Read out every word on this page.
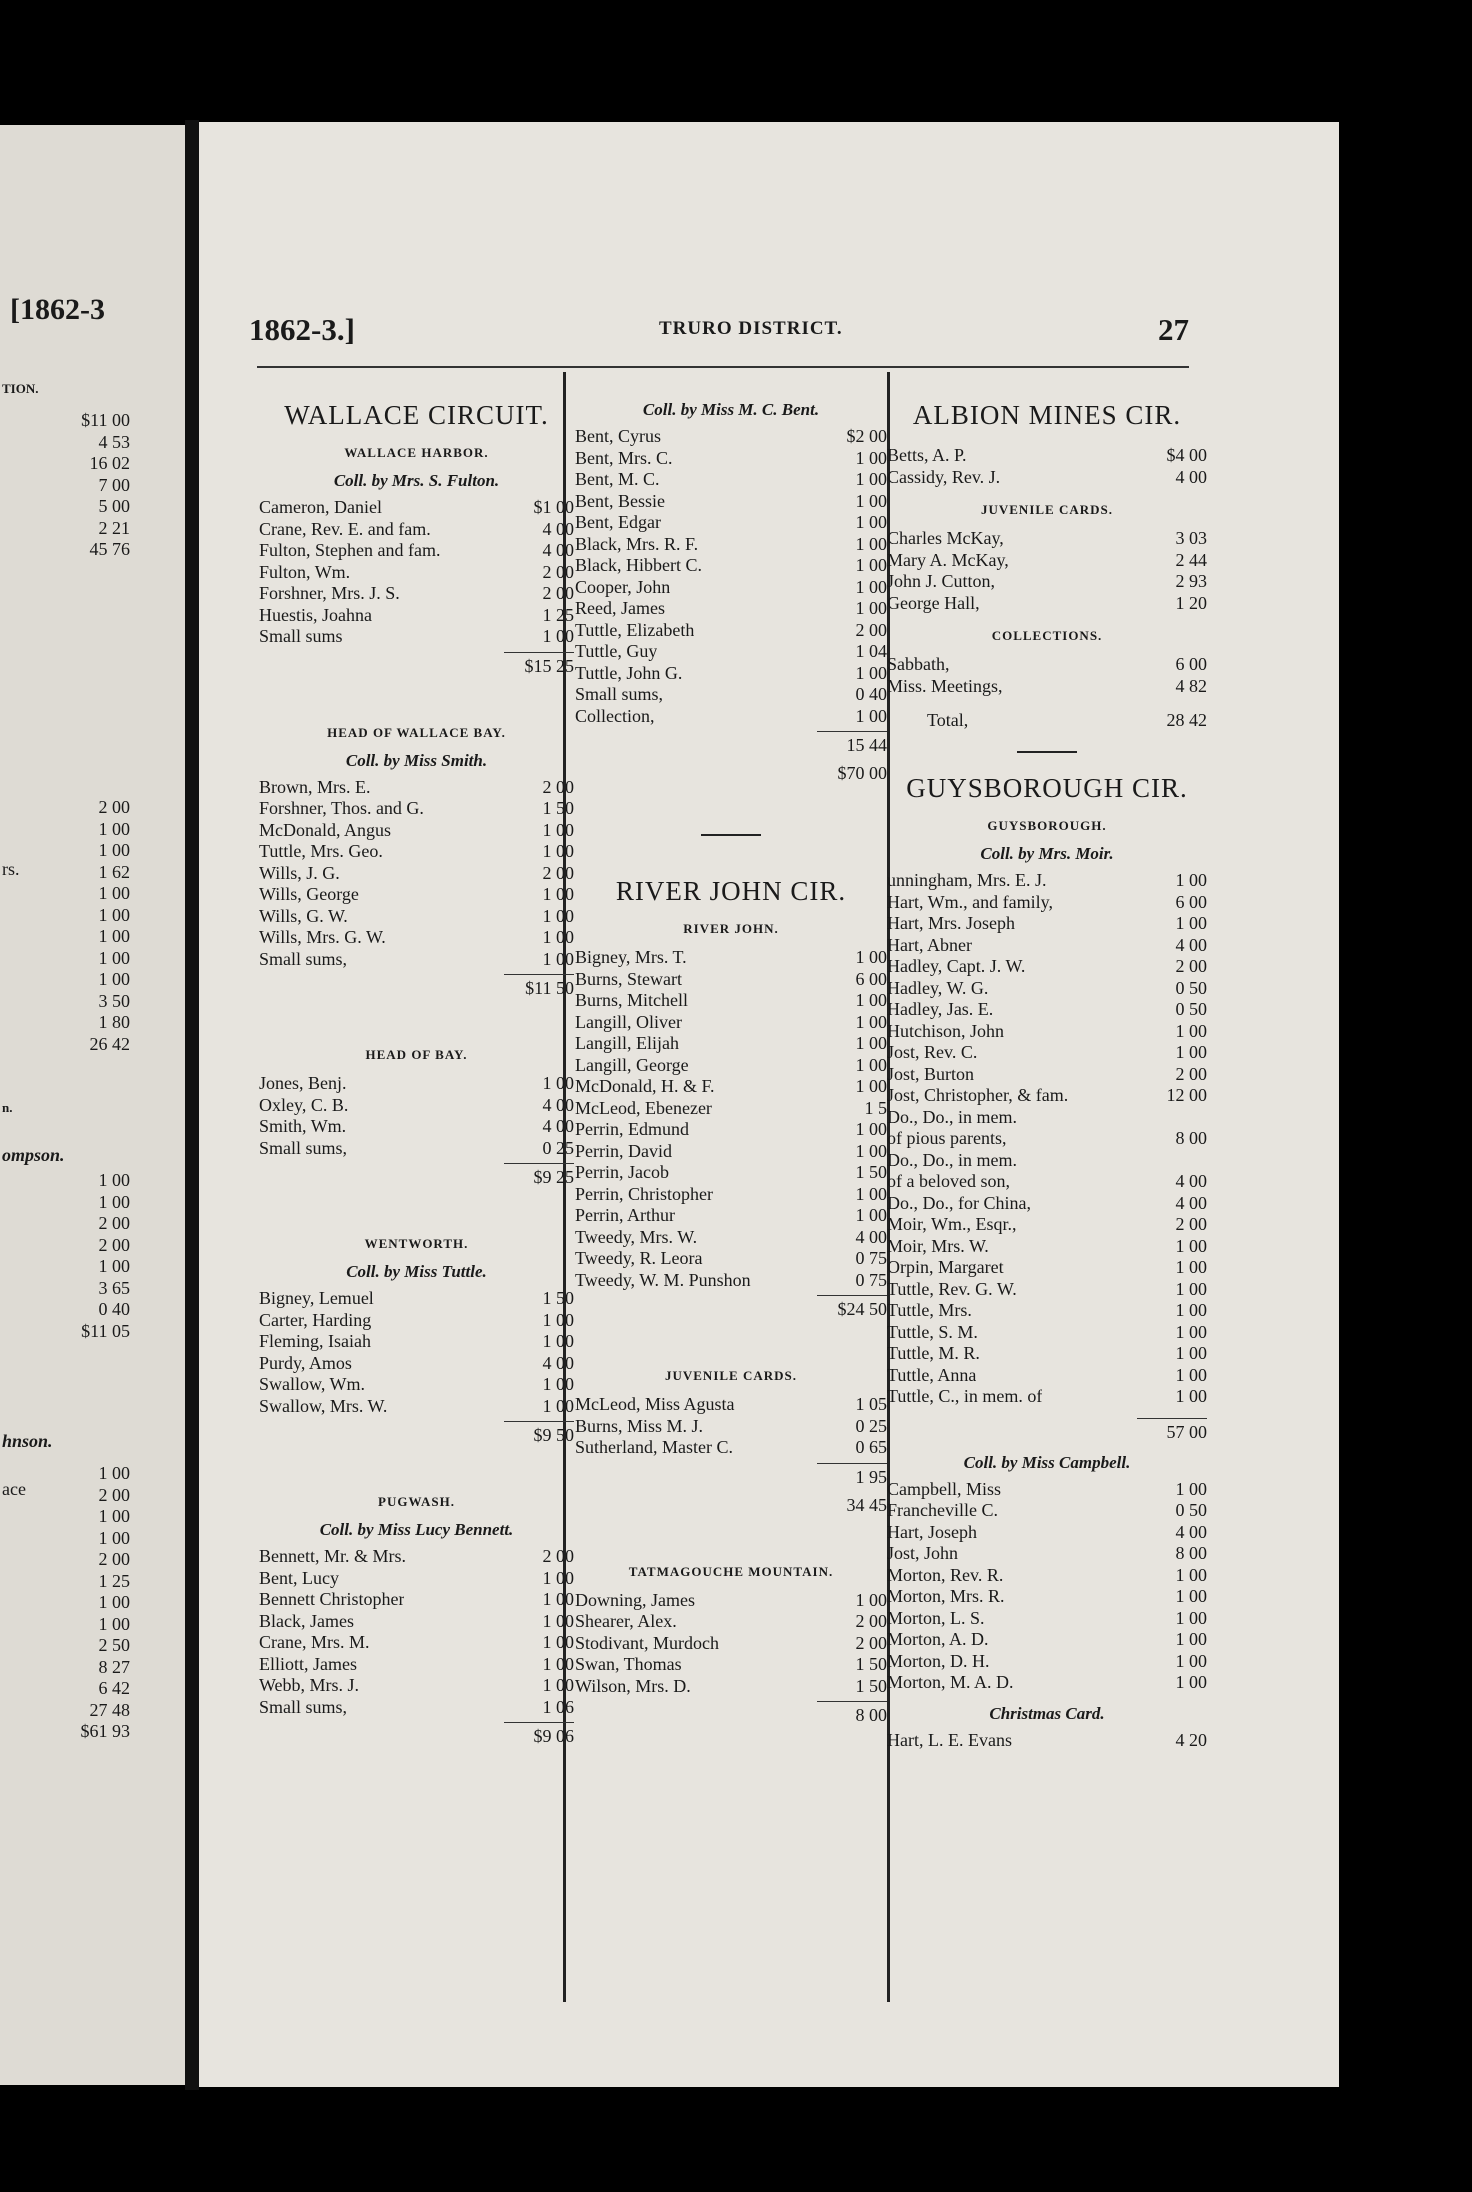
[1862-3
TION.
$11 00
4 53
16 02
7 00
5 00
2 21
45 76
rs.
2 00
1 00
1 00
1 62
1 00
1 00
1 00
1 00
1 00
3 50
1 80
26 42
n.
ompson.
1 00
1 00
2 00
2 00
1 00
3 65
0 40
$11 05
hnson.
ace
1 00
2 00
1 00
1 00
2 00
1 25
1 00
1 00
2 50
8 27
6 42
27 48
$61 93
1862-3.]	TRURO DISTRICT.	27
WALLACE CIRCUIT.
WALLACE HARBOR.
Coll. by Mrs. S. Fulton.
Cameron, Daniel	$1 00
Crane, Rev. E. and fam.	4 00
Fulton, Stephen and fam.	4 00
Fulton, Wm.	2 00
Forshner, Mrs. J. S.	2 00
Huestis, Joahna	1 25
Small sums	1 00
$15 25
HEAD OF WALLACE BAY.
Coll. by Miss Smith.
Brown, Mrs. E.	2 00
Forshner, Thos. and G.	1 50
McDonald, Angus	1 00
Tuttle, Mrs. Geo.	1 00
Wills, J. G.	2 00
Wills, George	1 00
Wills, G. W.	1 00
Wills, Mrs. G. W.	1 00
Small sums,	1 00
$11 50
HEAD OF BAY.
Jones, Benj.	1 00
Oxley, C. B.	4 00
Smith, Wm.	4 00
Small sums,	0 25
$9 25
WENTWORTH.
Coll. by Miss Tuttle.
Bigney, Lemuel	1 50
Carter, Harding	1 00
Fleming, Isaiah	1 00
Purdy, Amos	4 00
Swallow, Wm.	1 00
Swallow, Mrs. W.	1 00
$9 50
PUGWASH.
Coll. by Miss Lucy Bennett.
Bennett, Mr. & Mrs.	2 00
Bent, Lucy	1 00
Bennett Christopher	1 00
Black, James	1 00
Crane, Mrs. M.	1 00
Elliott, James	1 00
Webb, Mrs. J.	1 00
Small sums,	1 06
$9 06
Coll. by Miss M. C. Bent.
Bent, Cyrus	$2 00
Bent, Mrs. C.	1 00
Bent, M. C.	1 00
Bent, Bessie	1 00
Bent, Edgar	1 00
Black, Mrs. R. F.	1 00
Black, Hibbert C.	1 00
Cooper, John	1 00
Reed, James	1 00
Tuttle, Elizabeth	2 00
Tuttle, Guy	1 04
Tuttle, John G.	1 00
Small sums,	0 40
Collection,	1 00
15 44
$70 00
RIVER JOHN CIR.
RIVER JOHN.
Bigney, Mrs. T.	1 00
Burns, Stewart	6 00
Burns, Mitchell	1 00
Langill, Oliver	1 00
Langill, Elijah	1 00
Langill, George	1 00
McDonald, H. & F.	1 00
McLeod, Ebenezer	1 5
Perrin, Edmund	1 00
Perrin, David	1 00
Perrin, Jacob	1 50
Perrin, Christopher	1 00
Perrin, Arthur	1 00
Tweedy, Mrs. W.	4 00
Tweedy, R. Leora	0 75
Tweedy, W. M. Punshon	0 75
$24 50
JUVENILE CARDS.
McLeod, Miss Agusta	1 05
Burns, Miss M. J.	0 25
Sutherland, Master C.	0 65
1 95
34 45
TATMAGOUCHE MOUNTAIN.
Downing, James	1 00
Shearer, Alex.	2 00
Stodivant, Murdoch	2 00
Swan, Thomas	1 50
Wilson, Mrs. D.	1 50
8 00
ALBION MINES CIR.
Betts, A. P.	$4 00
Cassidy, Rev. J.	4 00
JUVENILE CARDS.
Charles McKay,	3 03
Mary A. McKay,	2 44
John J. Cutton,	2 93
George Hall,	1 20
COLLECTIONS.
Sabbath,	6 00
Miss. Meetings,	4 82
Total,	28 42
GUYSBOROUGH CIR.
GUYSBOROUGH.
Coll. by Mrs. Moir.
unningham, Mrs. E. J.	1 00
Hart, Wm., and family,	6 00
Hart, Mrs. Joseph	1 00
Hart, Abner	4 00
Hadley, Capt. J. W.	2 00
Hadley, W. G.	0 50
Hadley, Jas. E.	0 50
Hutchison, John	1 00
Jost, Rev. C.	1 00
Jost, Burton	2 00
Jost, Christopher, & fam.	12 00
Do., Do., in mem.
of pious parents,	8 00
Do., Do., in mem.
of a beloved son,	4 00
Do., Do., for China,	4 00
Moir, Wm., Esqr.,	2 00
Moir, Mrs. W.	1 00
Orpin, Margaret	1 00
Tuttle, Rev. G. W.	1 00
Tuttle, Mrs.	1 00
Tuttle, S. M.	1 00
Tuttle, M. R.	1 00
Tuttle, Anna	1 00
Tuttle, C., in mem. of	1 00
57 00
Coll. by Miss Campbell.
Campbell, Miss	1 00
Francheville C.	0 50
Hart, Joseph	4 00
Jost, John	8 00
Morton, Rev. R.	1 00
Morton, Mrs. R.	1 00
Morton, L. S.	1 00
Morton, A. D.	1 00
Morton, D. H.	1 00
Morton, M. A. D.	1 00
Christmas Card.
Hart, L. E. Evans	4 20
